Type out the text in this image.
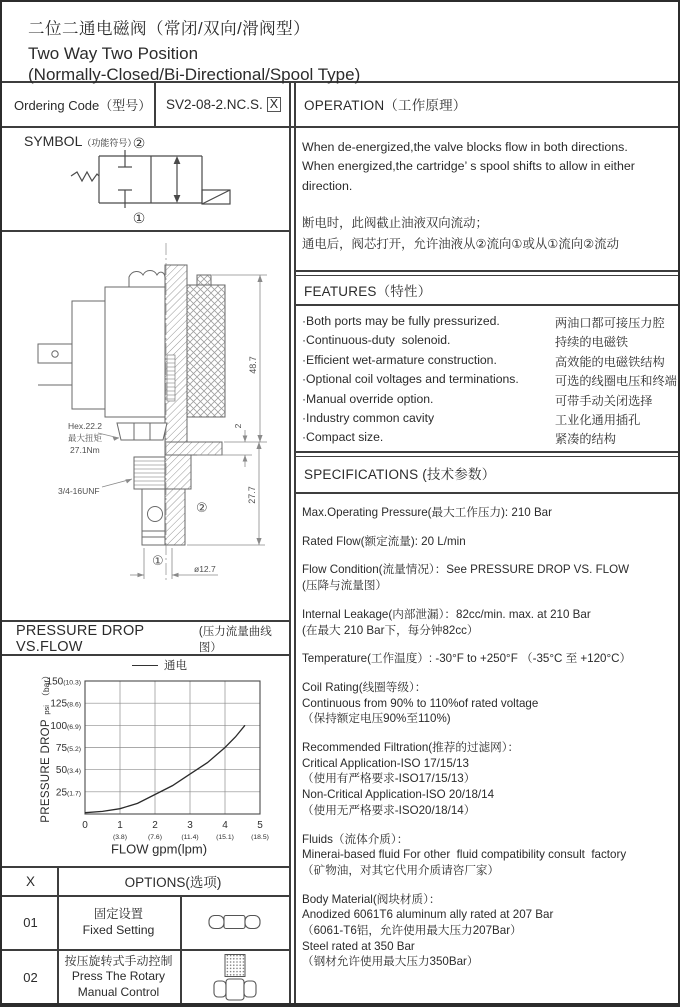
二位二通电磁阀（常闭/双向/滑阀型）
Two Way Two Position
(Normally-Closed/Bi-Directional/Spool Type)
Ordering Code（型号） SV2-08-2.NC.S. X
SYMBOL（功能符号）
②
①
48.7
2
27.7
ø12.7
Hex.22.2
最大扭矩
27.1Nm
3/4-16UNF
②
①
OPERATION（工作原理）
When de-energized,the valve blocks flow in both directions.
When energized,the cartridge’ s spool shifts to allow in either
direction.
断电时，此阀截止油液双向流动；
通电后，阀芯打开，允许油液从②流向①或从①流向②流动
FEATURES（特性）
·Both ports may be fully pressurized.	两油口都可接压力腔
·Continuous-duty  solenoid.	持续的电磁铁
·Efficient wet-armature construction.	高效能的电磁铁结构
·Optional coil voltages and terminations.	可选的线圈电压和终端
·Manual override option.	可带手动关闭选择
·Industry common cavity	工业化通用插孔
·Compact size.	紧凑的结构
SPECIFICATIONS (技术参数）
Max.Operating Pressure(最大工作压力): 210 Bar
Rated Flow(额定流量): 20 L/min
Flow Condition(流量情况）：See PRESSURE DROP VS. FLOW
(压降与流量图）
Internal Leakage(内部泄漏）：82cc/min. max. at 210 Bar
(在最大 210 Bar下，每分钟82cc）
Temperature(工作温度）: -30°F to +250°F （-35°C 至 +120°C）
Coil Rating(线圈等级）：
Continuous from 90% to 110%of rated voltage
（保持额定电压90%至110%)
Recommended Filtration(推荐的过滤网）：
Critical Application-ISO 17/15/13
（使用有严格要求-ISO17/15/13）
Non-Critical Application-ISO 20/18/14
（使用无严格要求-ISO20/18/14）
Fluids（流体介质）：
Minerai-based fluid For other  fluid compatibility consult  factory
（矿物油，对其它代用介质请咨厂家）
Body Material(阀块材质）：
Anodized 6061T6 aluminum ally rated at 207 Bar
（6061-T6铝，允许使用最大压力207Bar）
Steel rated at 350 Bar
（钢材允许使用最大压力350Bar）
PRESSURE DROP VS.FLOW
(压力流量曲线图）
通电
0	1
(3.8)
2
(7.6)
3
(11.4)
4
(15.1)
5
(18.5)
25(1.7)
50(3.4)
75(5.2)
100(6.9)
125(8.6)
150(10.3)
PRESSURE DROP psi （bar）
FLOW gpm(lpm)
X	OPTIONS(选项)
01
固定设置
Fixed Setting
02
按压旋转式手动控制
Press The Rotary
Manual Control
